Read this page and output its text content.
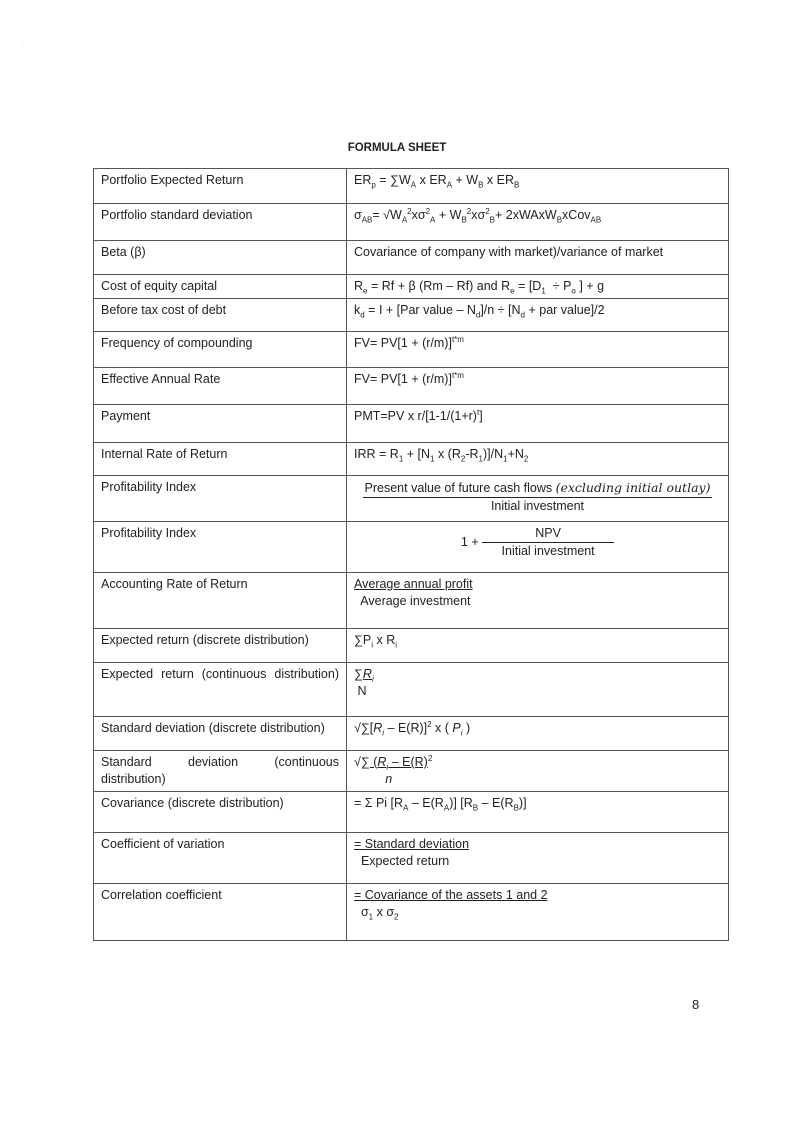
·
FORMULA SHEET
Portfolio Expected Return	$ER_p = \sum W_A$ x $ER_A + W_B$ x $ER_B$

Portfolio standard deviation	$\sigma_{AB}= √W_A^2x\sigma^2_A + W_B^2x\sigma^2_B+$ 2xWAxW$_B$xCov$_{AB}$

Beta (β)	Covariance of company with market)/variance of market

Cost of equity capital	$R_e = Rf + \beta$ (Rm – Rf) and $R_e = [D_1 \div P_o$ ] + g

Before tax cost of debt	$k_d = I + [Par$ value – $N_d]/n \div [N_d$ + par value]/2

Frequency of compounding	$FV= PV[1 + (r/m)]^{t*m}$

Effective Annual Rate	$FV= PV[1 + (r/m)]^{t*m}$

Payment	PMT=PV x $r/[1-1/(1+r)^t]$

Internal Rate of Return	IRR = $R_1 + [N_1$ x $(R_2-R_1)]/N_1+N_2$

Profitability Index	Present value of future cash flows (excluding initial outlay)
Initial investment

Profitability Index	$1 + \frac{\text{NPV}}{\text{Initial investment}}$

Accounting Rate of Return	Average annual profit
Average investment

Expected return (discrete distribution)	$\sum P_i$ x $R_i$

Expected return (continuous distribution)	$\sum R_i$
N

Standard deviation (discrete distribution)	$√\sum[R_i - E(R)]^2$ x ( $P_i$ )

Standard deviation (continuous distribution)	√∑ ($R_i - E(R)^2$
n

Covariance (discrete distribution)	= Σ Pi $[R_A - E(R_A)]$ $[R_B - E(R_B)]$

Coefficient of variation	= Standard deviation
Expected return

Correlation coefficient	= Covariance of the assets 1 and 2
$\sigma_1$ x $\sigma_2$
8
